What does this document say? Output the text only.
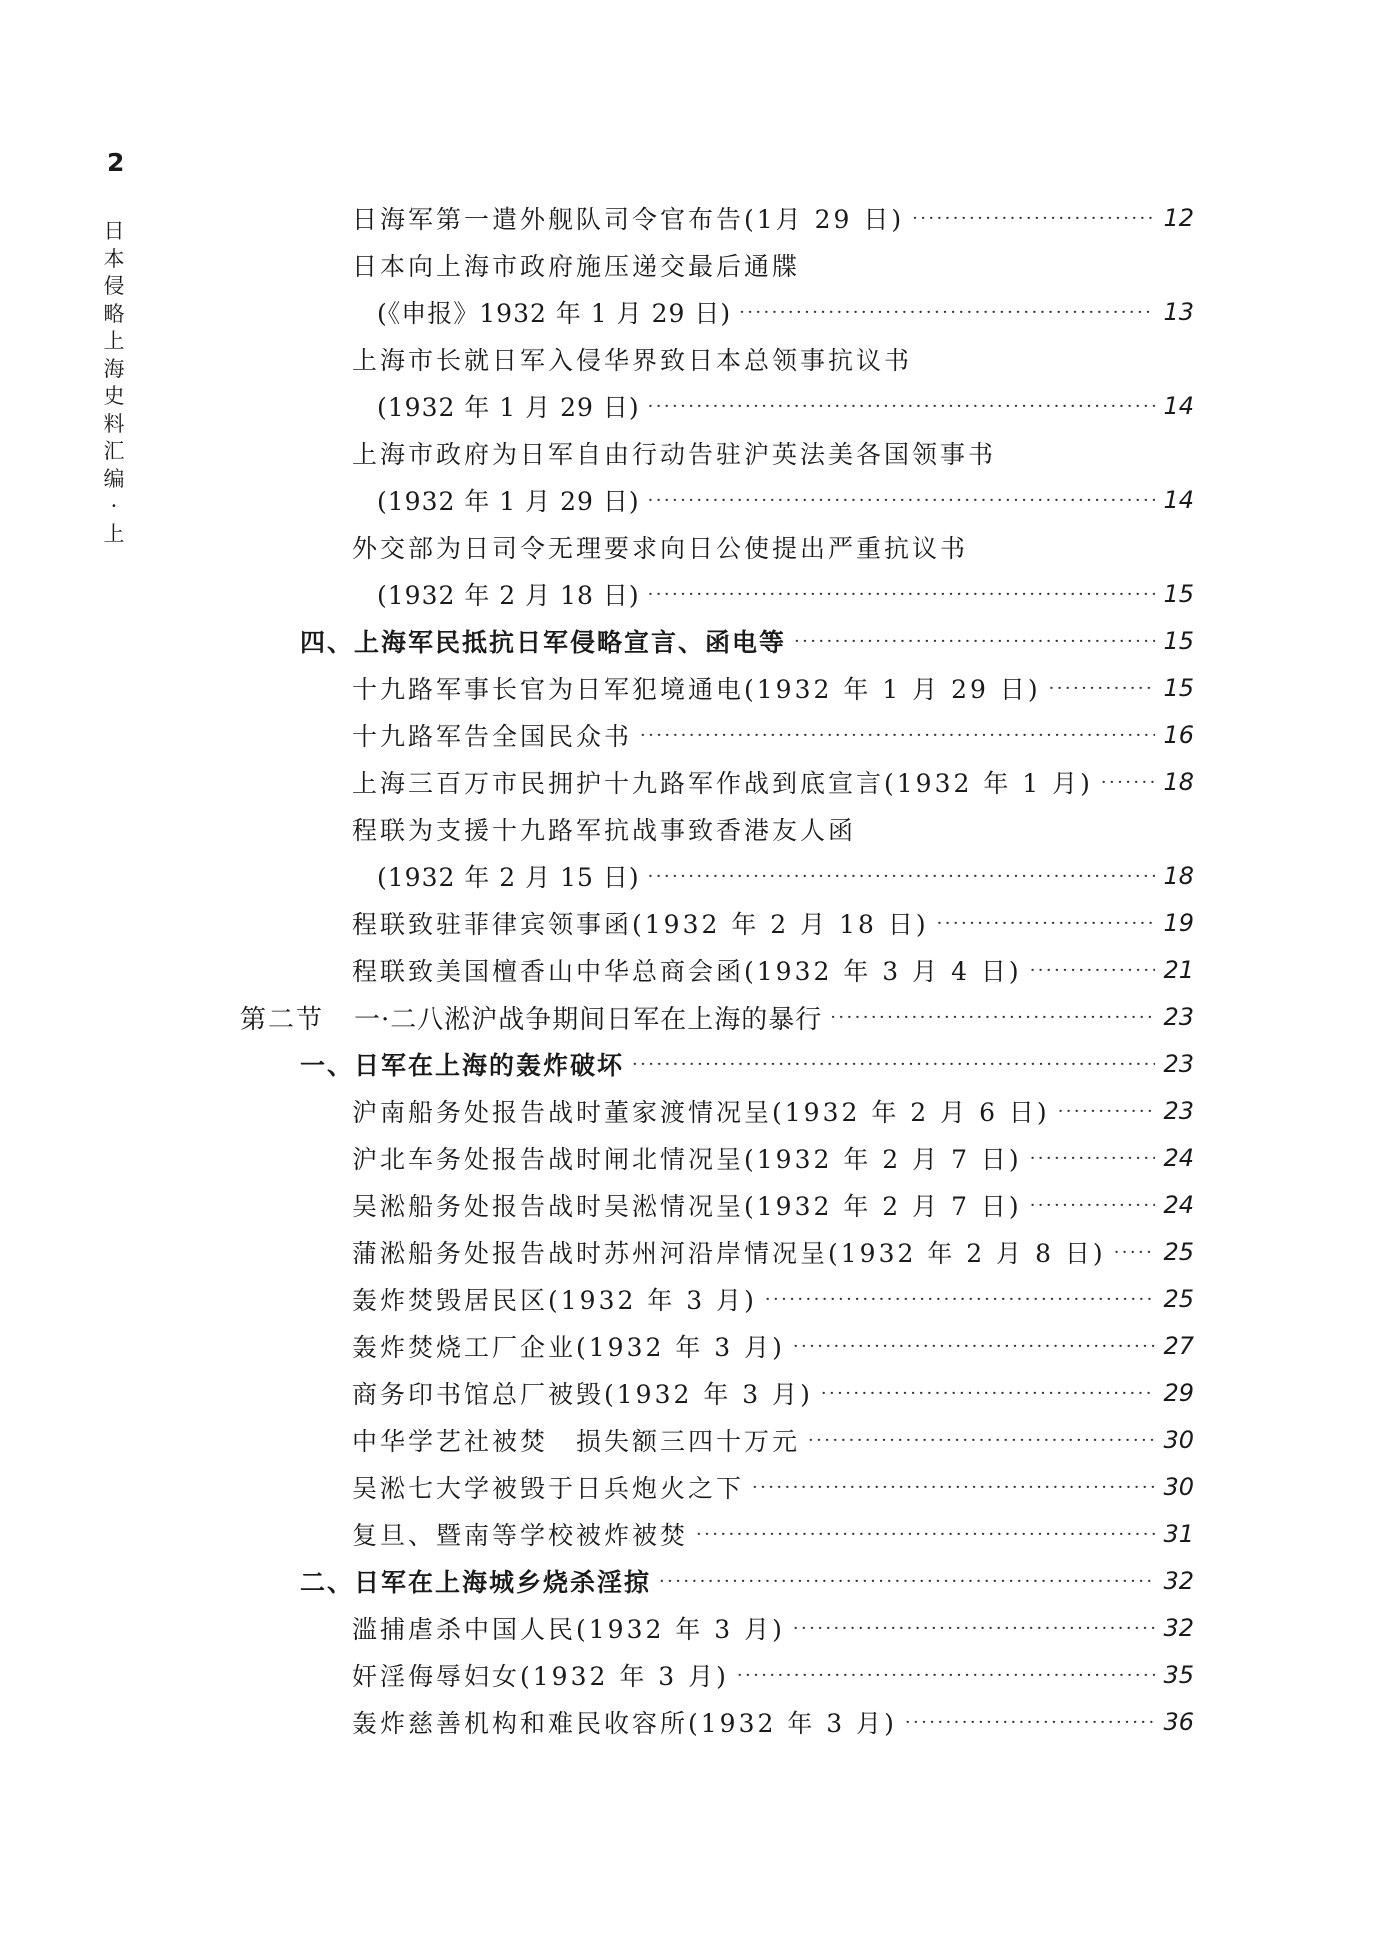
2
日本侵略上海史料汇编·上
日海军第一遣外舰队司令官布告(1月 29 日) ·····	12
日本向上海市政府施压递交最后通牒
(《申报》1932 年 1 月 29 日) ·····	13
上海市长就日军入侵华界致日本总领事抗议书
(1932 年 1 月 29 日) ·····	14
上海市政府为日军自由行动告驻沪英法美各国领事书
(1932 年 1 月 29 日) ·····	14
外交部为日司令无理要求向日公使提出严重抗议书
(1932 年 2 月 18 日) ·····	15
四、上海军民抵抗日军侵略宣言、函电等 ·····	15
十九路军事长官为日军犯境通电(1932 年 1 月 29 日) ·····	15
十九路军告全国民众书 ·····	16
上海三百万市民拥护十九路军作战到底宣言(1932 年 1 月) ·····	18
程联为支援十九路军抗战事致香港友人函
(1932 年 2 月 15 日) ·····	18
程联致驻菲律宾领事函(1932 年 2 月 18 日) ·····	19
程联致美国檀香山中华总商会函(1932 年 3 月 4 日) ·····	21
第二节 一·二八淞沪战争期间日军在上海的暴行 ·····	23
一、日军在上海的轰炸破坏 ·····	23
沪南船务处报告战时董家渡情况呈(1932 年 2 月 6 日) ·····	23
沪北车务处报告战时闸北情况呈(1932 年 2 月 7 日) ·····	24
吴淞船务处报告战时吴淞情况呈(1932 年 2 月 7 日) ·····	24
蒲淞船务处报告战时苏州河沿岸情况呈(1932 年 2 月 8 日) ····· 25
轰炸焚毁居民区(1932 年 3 月) ·····	25
轰炸焚烧工厂企业(1932 年 3 月) ·····	27
商务印书馆总厂被毁(1932 年 3 月) ·····	29
中华学艺社被焚　损失额三四十万元 ·····	30
吴淞七大学被毁于日兵炮火之下 ·····	30
复旦、暨南等学校被炸被焚 ·····	31
二、日军在上海城乡烧杀淫掠 ·····	32
滥捕虐杀中国人民(1932 年 3 月) ·····	32
奸淫侮辱妇女(1932 年 3 月) ·····	35
轰炸慈善机构和难民收容所(1932 年 3 月) ·····	36
